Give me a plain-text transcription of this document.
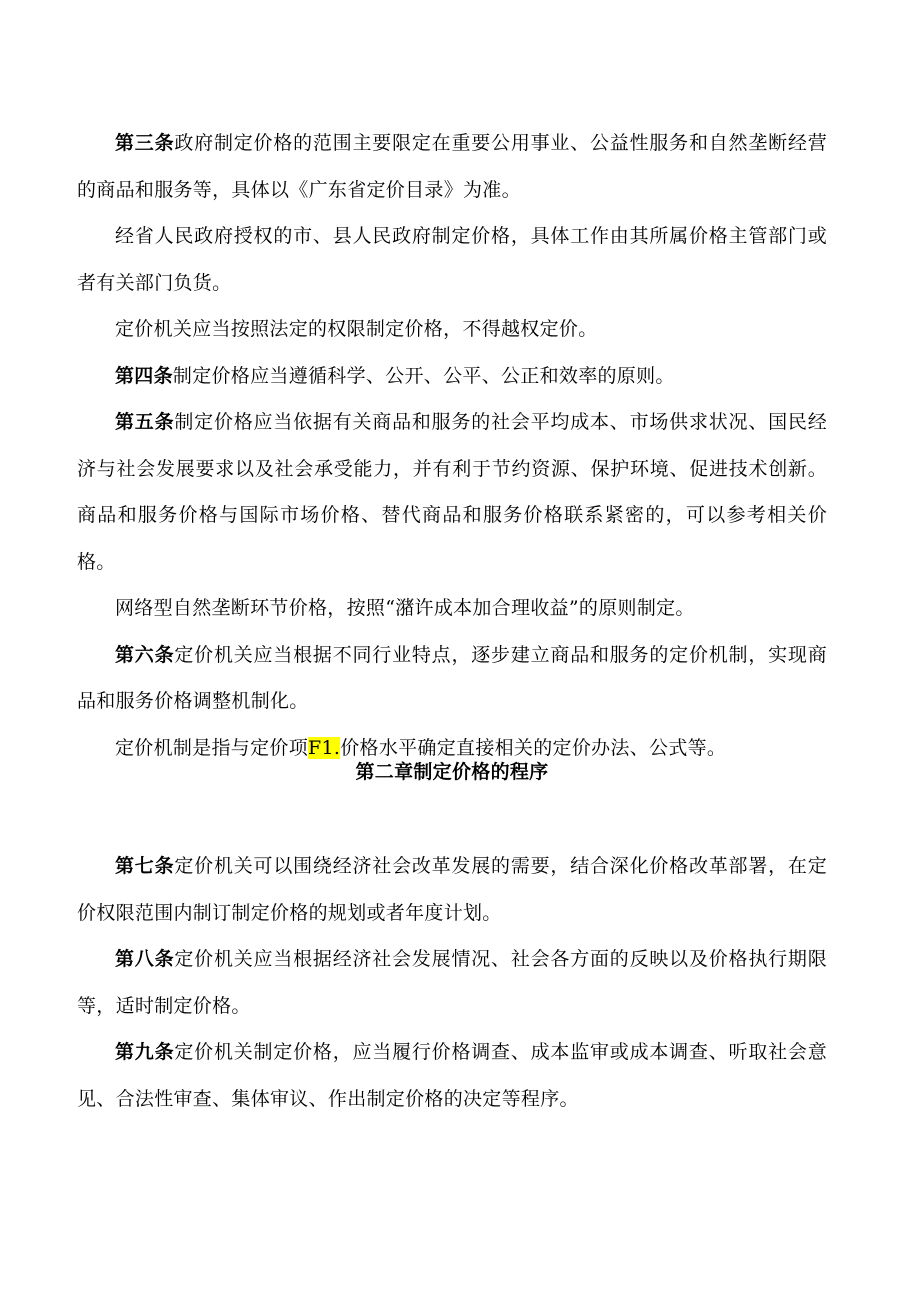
第三条政府制定价格的范围主要限定在重要公用事业、公益性服务和自然垄断经营的商品和服务等，具体以《广东省定价目录》为准。

经省人民政府授权的市、县人民政府制定价格，具体工作由其所属价格主管部门或者有关部门负货。

定价机关应当按照法定的权限制定价格，不得越权定价。

第四条制定价格应当遵循科学、公开、公平、公正和效率的原则。

第五条制定价格应当依据有关商品和服务的社会平均成本、市场供求状况、国民经济与社会发展要求以及社会承受能力，并有利于节约资源、保护环境、促进技术创新。商品和服务价格与国际市场价格、替代商品和服务价格联系紧密的，可以参考相关价格。

网络型自然垄断环节价格，按照“潴许成本加合理收益”的原则制定。

第六条定价机关应当根据不同行业特点，逐步建立商品和服务的定价机制，实现商品和服务价格调整机制化。

定价机制是指与定价项F1.价格水平确定直接相关的定价办法、公式等。

第二章制定价格的程序

第七条定价机关可以围绕经济社会改革发展的需要，结合深化价格改革部署，在定价权限范围内制订制定价格的规划或者年度计划。

第八条定价机关应当根据经济社会发展情况、社会各方面的反映以及价格执行期限等，适时制定价格。

第九条定价机关制定价格，应当履行价格调查、成本监审或成本调查、听取社会意见、合法性审查、集体审议、作出制定价格的决定等程序。
